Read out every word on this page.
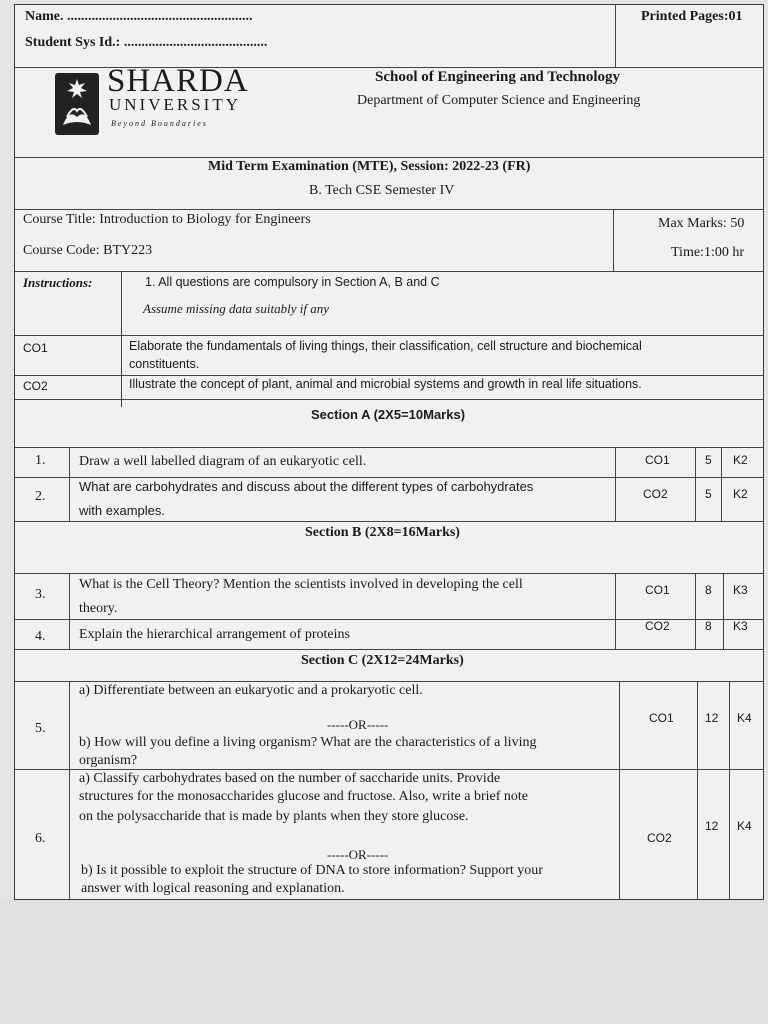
Name. .....................................................
Student Sys Id.: .........................................
Printed Pages:01
SHARDA
UNIVERSITY
Beyond Boundaries
School of Engineering and Technology
Department of Computer Science and Engineering
Mid Term Examination (MTE), Session: 2022-23 (FR)
B. Tech CSE Semester IV
Course Title: Introduction to Biology for Engineers
Course Code: BTY223
Max Marks: 50
Time:1:00 hr
Instructions:	1. All questions are compulsory in Section A, B and C
Assume missing data suitably if any
CO1	Elaborate the fundamentals of living things, their classification, cell structure and biochemical
constituents.
CO2	Illustrate the concept of plant, animal and microbial systems and growth in real life situations.
Section A (2X5=10Marks)
1. Draw a well labelled diagram of an eukaryotic cell.	CO1	5 K2
2.
What are carbohydrates and discuss about the different types of carbohydrates
with examples.
CO2	5 K2
Section B (2X8=16Marks)
3.
What is the Cell Theory? Mention the scientists involved in developing the cell
theory.
CO1	8 K3
4. Explain the hierarchical arrangement of proteins
CO2	8 K3
Section C (2X12=24Marks)
5.
a) Differentiate between an eukaryotic and a prokaryotic cell.
-----OR-----
b) How will you define a living organism? What are the characteristics of a living
organism?
CO1	12 K4
6.
a) Classify carbohydrates based on the number of saccharide units. Provide
structures for the monosaccharides glucose and fructose. Also, write a brief note
on the polysaccharide that is made by plants when they store glucose.
-----OR-----
b) Is it possible to exploit the structure of DNA to store information? Support your
answer with logical reasoning and explanation.
CO2
12 K4
